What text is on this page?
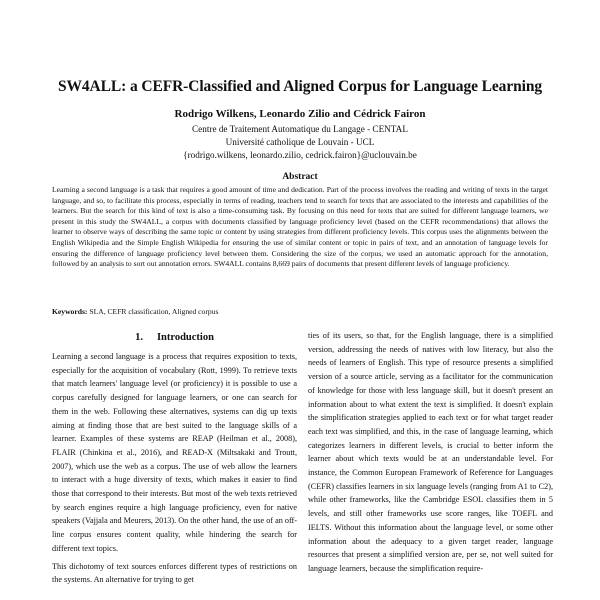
SW4ALL: a CEFR-Classified and Aligned Corpus for Language Learning
Rodrigo Wilkens, Leonardo Zilio and Cédrick Fairon
Centre de Traitement Automatique du Langage - CENTAL
Université catholique de Louvain - UCL
{rodrigo.wilkens, leonardo.zilio, cedrick.fairon}@uclouvain.be
Abstract
Learning a second language is a task that requires a good amount of time and dedication. Part of the process involves the reading and writing of texts in the target language, and so, to facilitate this process, especially in terms of reading, teachers tend to search for texts that are associated to the interests and capabilities of the learners. But the search for this kind of text is also a time-consuming task. By focusing on this need for texts that are suited for different language learners, we present in this study the SW4ALL, a corpus with documents classified by language proficiency level (based on the CEFR recommendations) that allows the learner to observe ways of describing the same topic or content by using strategies from different proficiency levels. This corpus uses the alignments between the English Wikipedia and the Simple English Wikipedia for ensuring the use of similar content or topic in pairs of text, and an annotation of language levels for ensuring the difference of language proficiency level between them. Considering the size of the corpus, we used an automatic approach for the annotation, followed by an analysis to sort out annotation errors. SW4ALL contains 8,669 pairs of documents that present different levels of language proficiency.
Keywords: SLA, CEFR classification, Aligned corpus
1. Introduction

Learning a second language is a process that requires exposition to texts, especially for the acquisition of vocabulary (Rott, 1999). To retrieve texts that match learners' language level (or proficiency) it is possible to use a corpus carefully designed for language learners, or one can search for them in the web. Following these alternatives, systems can dig up texts aiming at finding those that are best suited to the language skills of a learner. Examples of these systems are REAP (Heilman et al., 2008), FLAIR (Chinkina et al., 2016), and READ-X (Miltsakaki and Troutt, 2007), which use the web as a corpus. The use of web allow the learners to interact with a huge diversity of texts, which makes it easier to find those that correspond to their interests. But most of the web texts retrieved by search engines require a high language proficiency, even for native speakers (Vajjala and Meurers, 2013). On the other hand, the use of an off-line corpus ensures content quality, while hindering the search for different text topics.

This dichotomy of text sources enforces different types of restrictions on the systems. An alternative for trying to get

ties of its users, so that, for the English language, there is a simplified version, addressing the needs of natives with low literacy, but also the needs of learners of English. This type of resource presents a simplified version of a source article, serving as a facilitator for the communication of knowledge for those with less language skill, but it doesn't present an information about to what extent the text is simplified. It doesn't explain the simplification strategies applied to each text or for what target reader each text was simplified, and this, in the case of language learning, which categorizes learners in different levels, is crucial to better inform the learner about which texts would be at an understandable level. For instance, the Common European Framework of Reference for Languages (CEFR) classifies learners in six language levels (ranging from A1 to C2), while other frameworks, like the Cambridge ESOL classifies them in 5 levels, and still other frameworks use score ranges, like TOEFL and IELTS. Without this information about the language level, or some other information about the adequacy to a given target reader, language resources that present a simplified version are, per se, not well suited for language learners, because the simplification require-
